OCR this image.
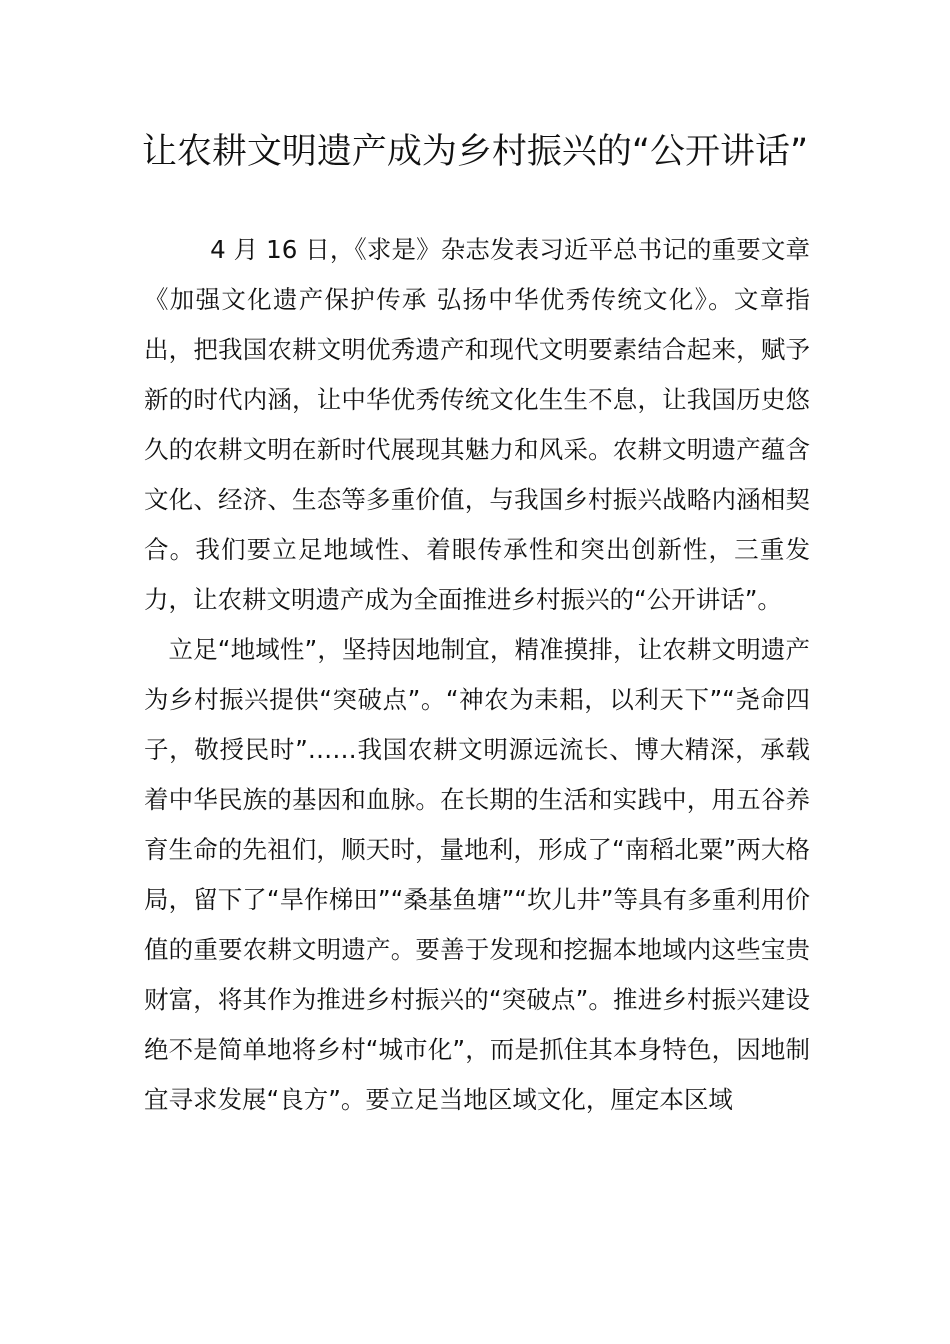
让农耕文明遗产成为乡村振兴的“公开讲话”

4 月 16 日，《求是》杂志发表习近平总书记的重要文章《加强文化遗产保护传承 弘扬中华优秀传统文化》。文章指出，把我国农耕文明优秀遗产和现代文明要素结合起来，赋予新的时代内涵，让中华优秀传统文化生生不息，让我国历史悠久的农耕文明在新时代展现其魅力和风采。农耕文明遗产蕴含文化、经济、生态等多重价值，与我国乡村振兴战略内涵相契合。我们要立足地域性、着眼传承性和突出创新性，三重发力，让农耕文明遗产成为全面推进乡村振兴的“公开讲话”。

立足“地域性”，坚持因地制宜，精准摸排，让农耕文明遗产为乡村振兴提供“突破点”。“神农为耒耜，以利天下”“尧命四子，敬授民时”……我国农耕文明源远流长、博大精深，承载着中华民族的基因和血脉。在长期的生活和实践中，用五谷养育生命的先祖们，顺天时，量地利，形成了“南稻北粟”两大格局，留下了“旱作梯田”“桑基鱼塘”“坎儿井”等具有多重利用价值的重要农耕文明遗产。要善于发现和挖掘本地域内这些宝贵财富，将其作为推进乡村振兴的“突破点”。推进乡村振兴建设绝不是简单地将乡村“城市化”，而是抓住其本身特色，因地制宜寻求发展“良方”。要立足当地区域文化，厘定本区域
